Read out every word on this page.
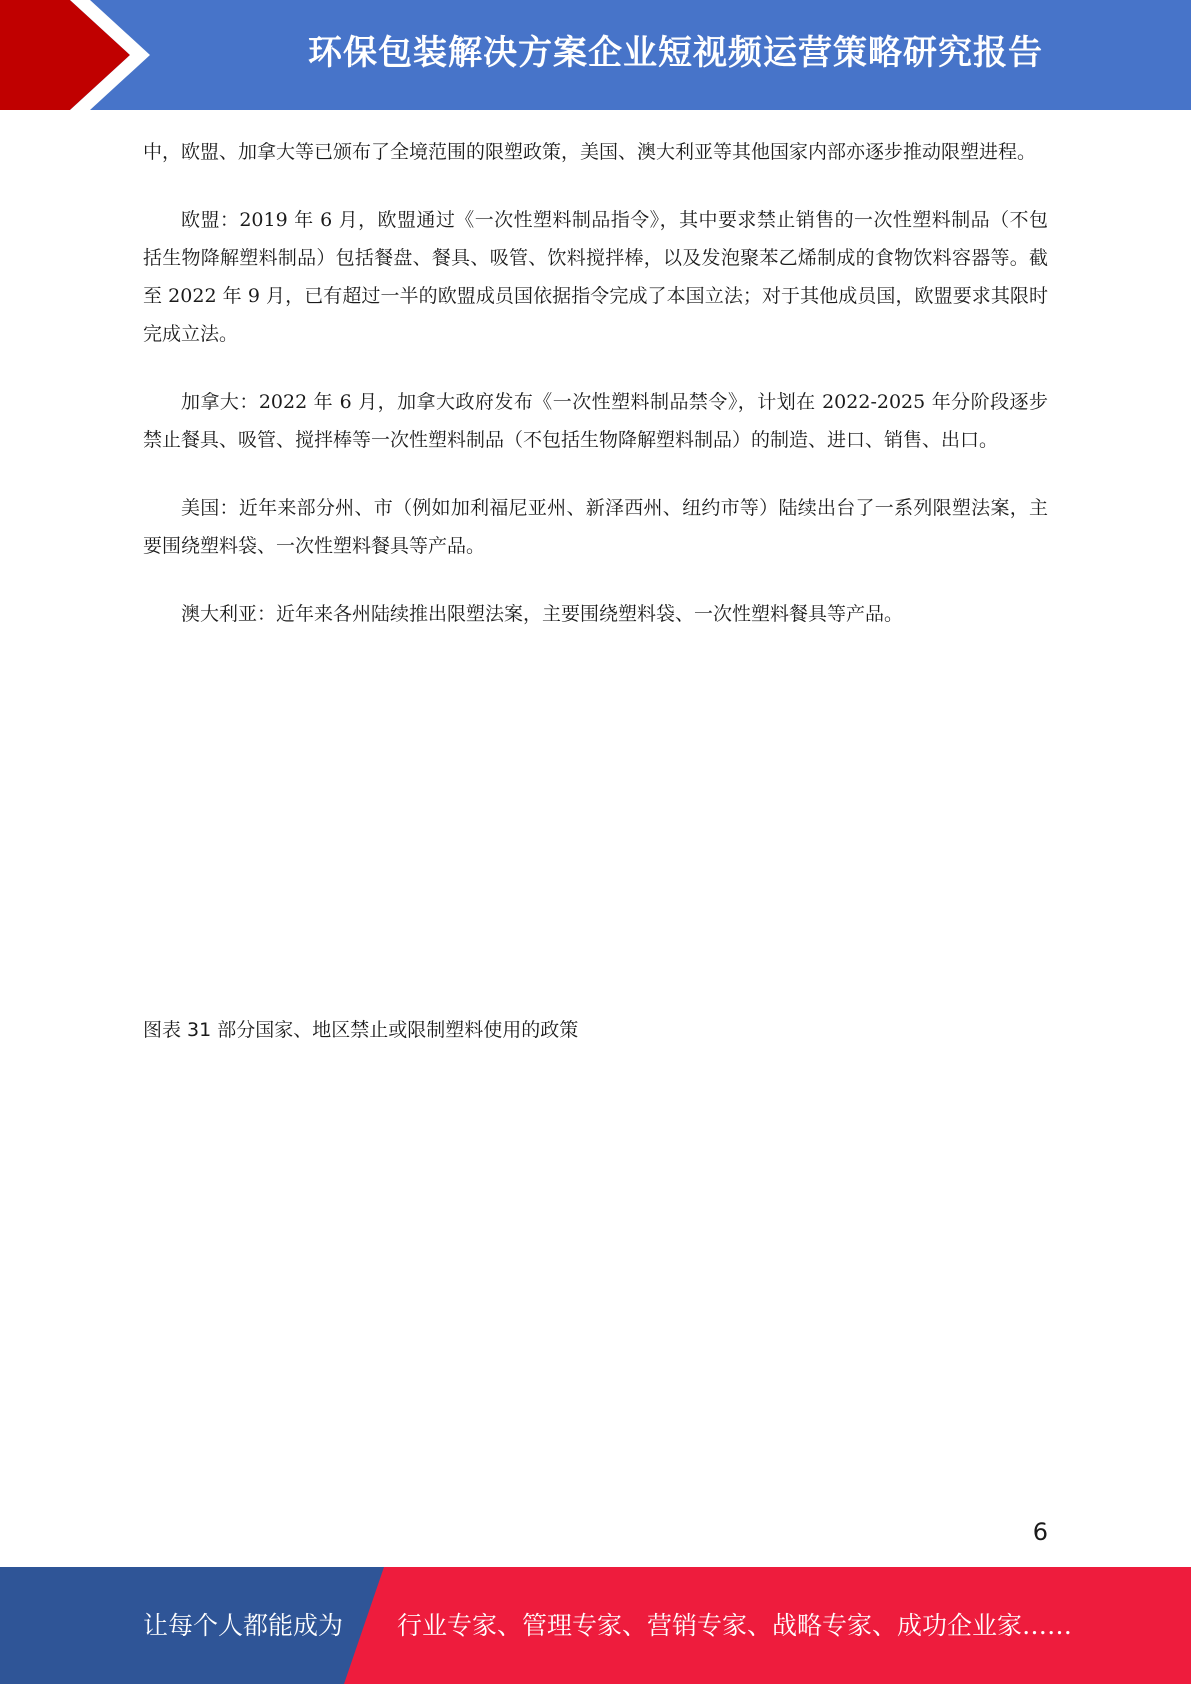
环保包装解决方案企业短视频运营策略研究报告

中，欧盟、加拿大等已颁布了全境范围的限塑政策，美国、澳大利亚等其他国家内部亦逐步推动限塑进程。

欧盟：2019 年 6 月，欧盟通过《一次性塑料制品指令》，其中要求禁止销售的一次性塑料制品（不包括生物降解塑料制品）包括餐盘、餐具、吸管、饮料搅拌棒，以及发泡聚苯乙烯制成的食物饮料容器等。截至 2022 年 9 月，已有超过一半的欧盟成员国依据指令完成了本国立法；对于其他成员国，欧盟要求其限时完成立法。

加拿大：2022 年 6 月，加拿大政府发布《一次性塑料制品禁令》，计划在 2022-2025 年分阶段逐步禁止餐具、吸管、搅拌棒等一次性塑料制品（不包括生物降解塑料制品）的制造、进口、销售、出口。

美国：近年来部分州、市（例如加利福尼亚州、新泽西州、纽约市等）陆续出台了一系列限塑法案，主要围绕塑料袋、一次性塑料餐具等产品。

澳大利亚：近年来各州陆续推出限塑法案，主要围绕塑料袋、一次性塑料餐具等产品。

图表 31 部分国家、地区禁止或限制塑料使用的政策
6
让每个人都能成为 行业专家、管理专家、营销专家、战略专家、成功企业家……
